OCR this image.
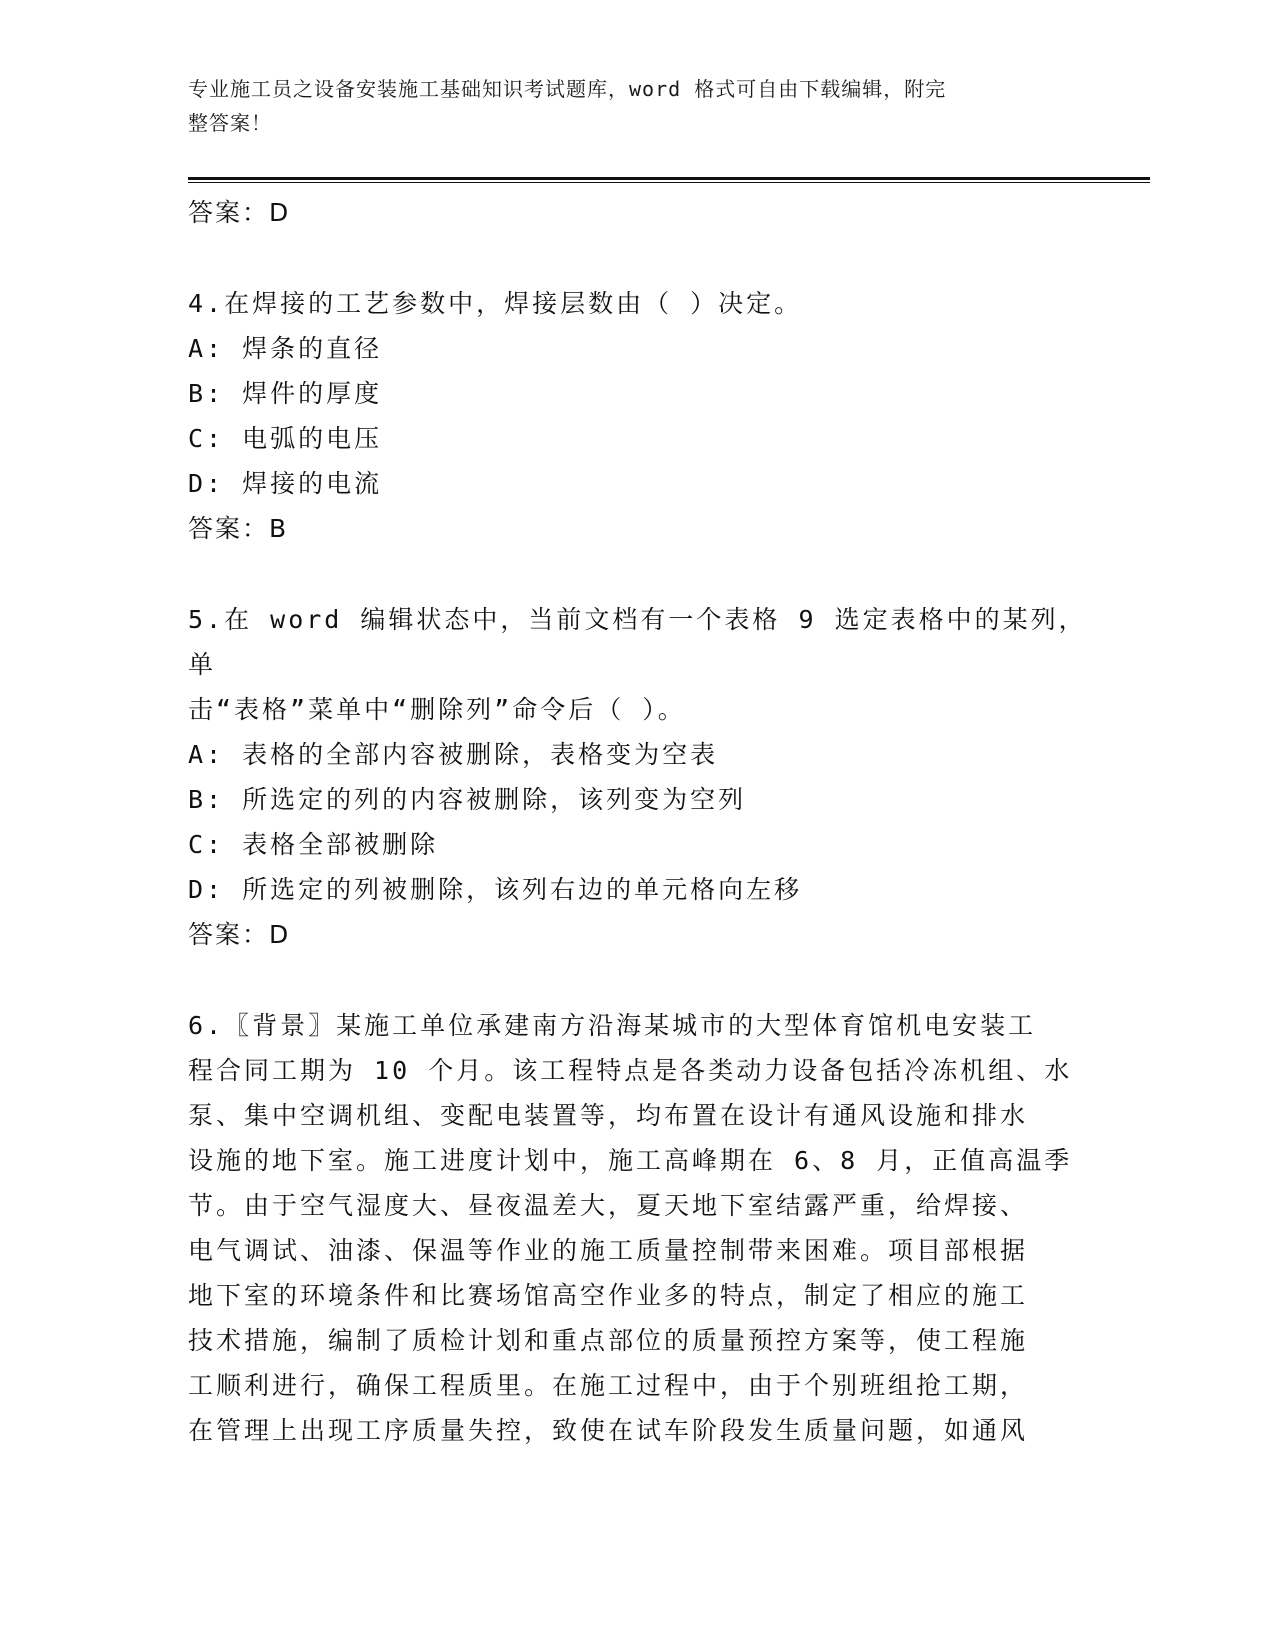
专业施工员之设备安装施工基础知识考试题库，word 格式可自由下载编辑，附完
整答案！

答案：D

4.在焊接的工艺参数中，焊接层数由（ ）决定。

A: 焊条的直径

B: 焊件的厚度

C: 电弧的电压

D: 焊接的电流

答案：B

5.在 word 编辑状态中，当前文档有一个表格 9 选定表格中的某列，单

击“表格”菜单中“删除列”命令后（ ）。

A: 表格的全部内容被删除，表格变为空表

B: 所选定的列的内容被删除，该列变为空列

C: 表格全部被删除

D: 所选定的列被删除，该列右边的单元格向左移

答案：D

6.〖背景〗某施工单位承建南方沿海某城市的大型体育馆机电安装工

程合同工期为 10 个月。该工程特点是各类动力设备包括冷冻机组、水

泵、集中空调机组、变配电装置等，均布置在设计有通风设施和排水

设施的地下室。施工进度计划中，施工高峰期在 6、8 月，正值高温季

节。由于空气湿度大、昼夜温差大，夏天地下室结露严重，给焊接、

电气调试、油漆、保温等作业的施工质量控制带来困难。项目部根据

地下室的环境条件和比赛场馆高空作业多的特点，制定了相应的施工

技术措施，编制了质检计划和重点部位的质量预控方案等，使工程施

工顺利进行，确保工程质里。在施工过程中，由于个别班组抢工期，

在管理上出现工序质量失控，致使在试车阶段发生质量问题，如通风
